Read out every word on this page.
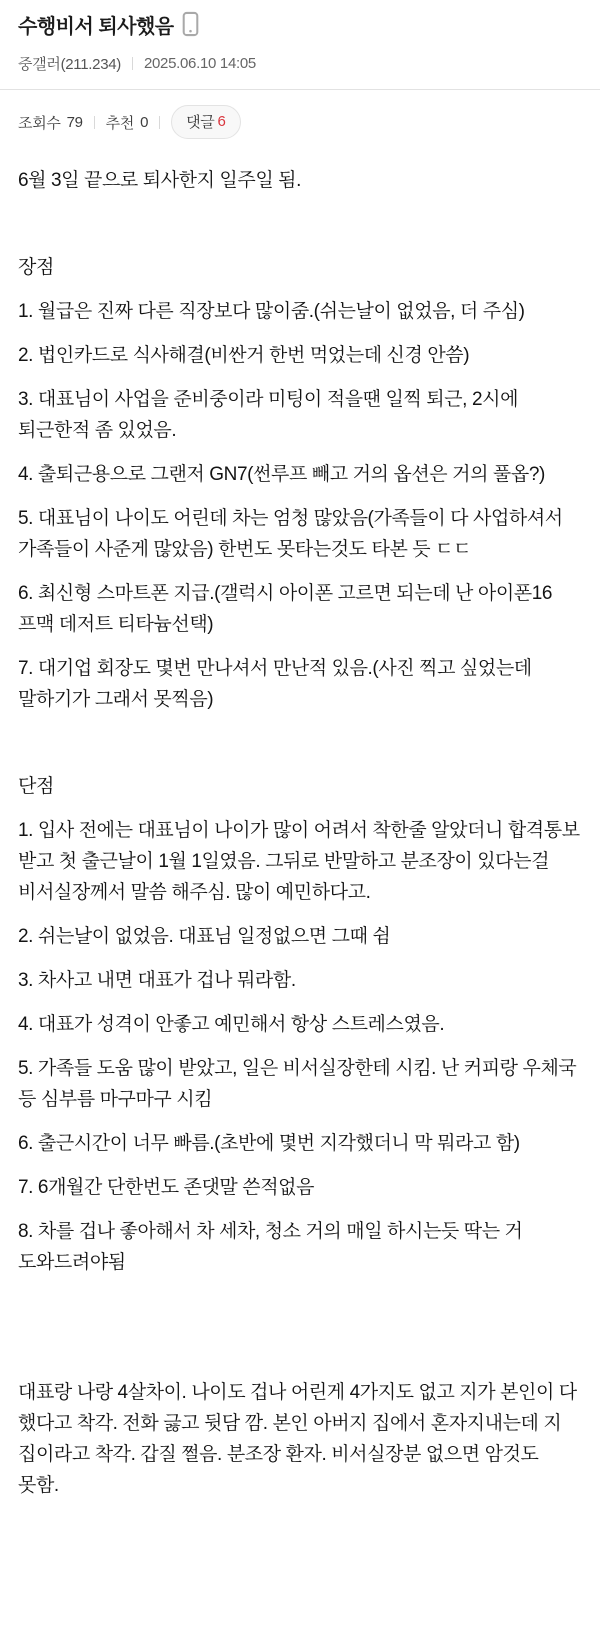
수행비서 퇴사했음
중갤러(211.234) 2025.06.10 14:05
조회수 79 추천 0	댓글 6

6월 3일 끝으로 퇴사한지 일주일 됨.

장점

1. 월급은 진짜 다른 직장보다 많이줌.(쉬는날이 없었음, 더 주심)

2. 법인카드로 식사해결(비싼거 한번 먹었는데 신경 안씀)

3. 대표님이 사업을 준비중이라 미팅이 적을땐 일찍 퇴근, 2시에 퇴근한적 좀 있었음.

4. 출퇴근용으로 그랜저 GN7(썬루프 빼고 거의 옵션은 거의 풀옵?)

5. 대표님이 나이도 어린데 차는 엄청 많았음(가족들이 다 사업하셔서 가족들이 사준게 많았음) 한번도 못타는것도 타본 듯 ㄷㄷ

6. 최신형 스마트폰 지급.(갤럭시 아이폰 고르면 되는데 난 아이폰16 프맥 데저트 티타늄선택)

7. 대기업 회장도 몇번 만나셔서 만난적 있음.(사진 찍고 싶었는데 말하기가 그래서 못찍음)

단점

1. 입사 전에는 대표님이 나이가 많이 어려서 착한줄 알았더니 합격통보 받고 첫 출근날이 1월 1일였음. 그뒤로 반말하고 분조장이 있다는걸 비서실장께서 말씀 해주심. 많이 예민하다고.

2. 쉬는날이 없었음. 대표님 일정없으면 그때 쉼

3. 차사고 내면 대표가 겁나 뭐라함.

4. 대표가 성격이 안좋고 예민해서 항상 스트레스였음.

5. 가족들 도움 많이 받았고, 일은 비서실장한테 시킴. 난 커피랑 우체국 등 심부름 마구마구 시킴

6. 출근시간이 너무 빠름.(초반에 몇번 지각했더니 막 뭐라고 함)

7. 6개월간 단한번도 존댓말 쓴적없음

8. 차를 겁나 좋아해서 차 세차, 청소 거의 매일 하시는듯 딱는 거 도와드려야됨

대표랑 나랑 4살차이. 나이도 겁나 어린게 4가지도 없고 지가 본인이 다 했다고 착각. 전화 긇고 뒷담 깜. 본인 아버지 집에서 혼자지내는데 지 집이라고 착각. 갑질 쩔음. 분조장 환자. 비서실장분 없으면 암것도 못함.
